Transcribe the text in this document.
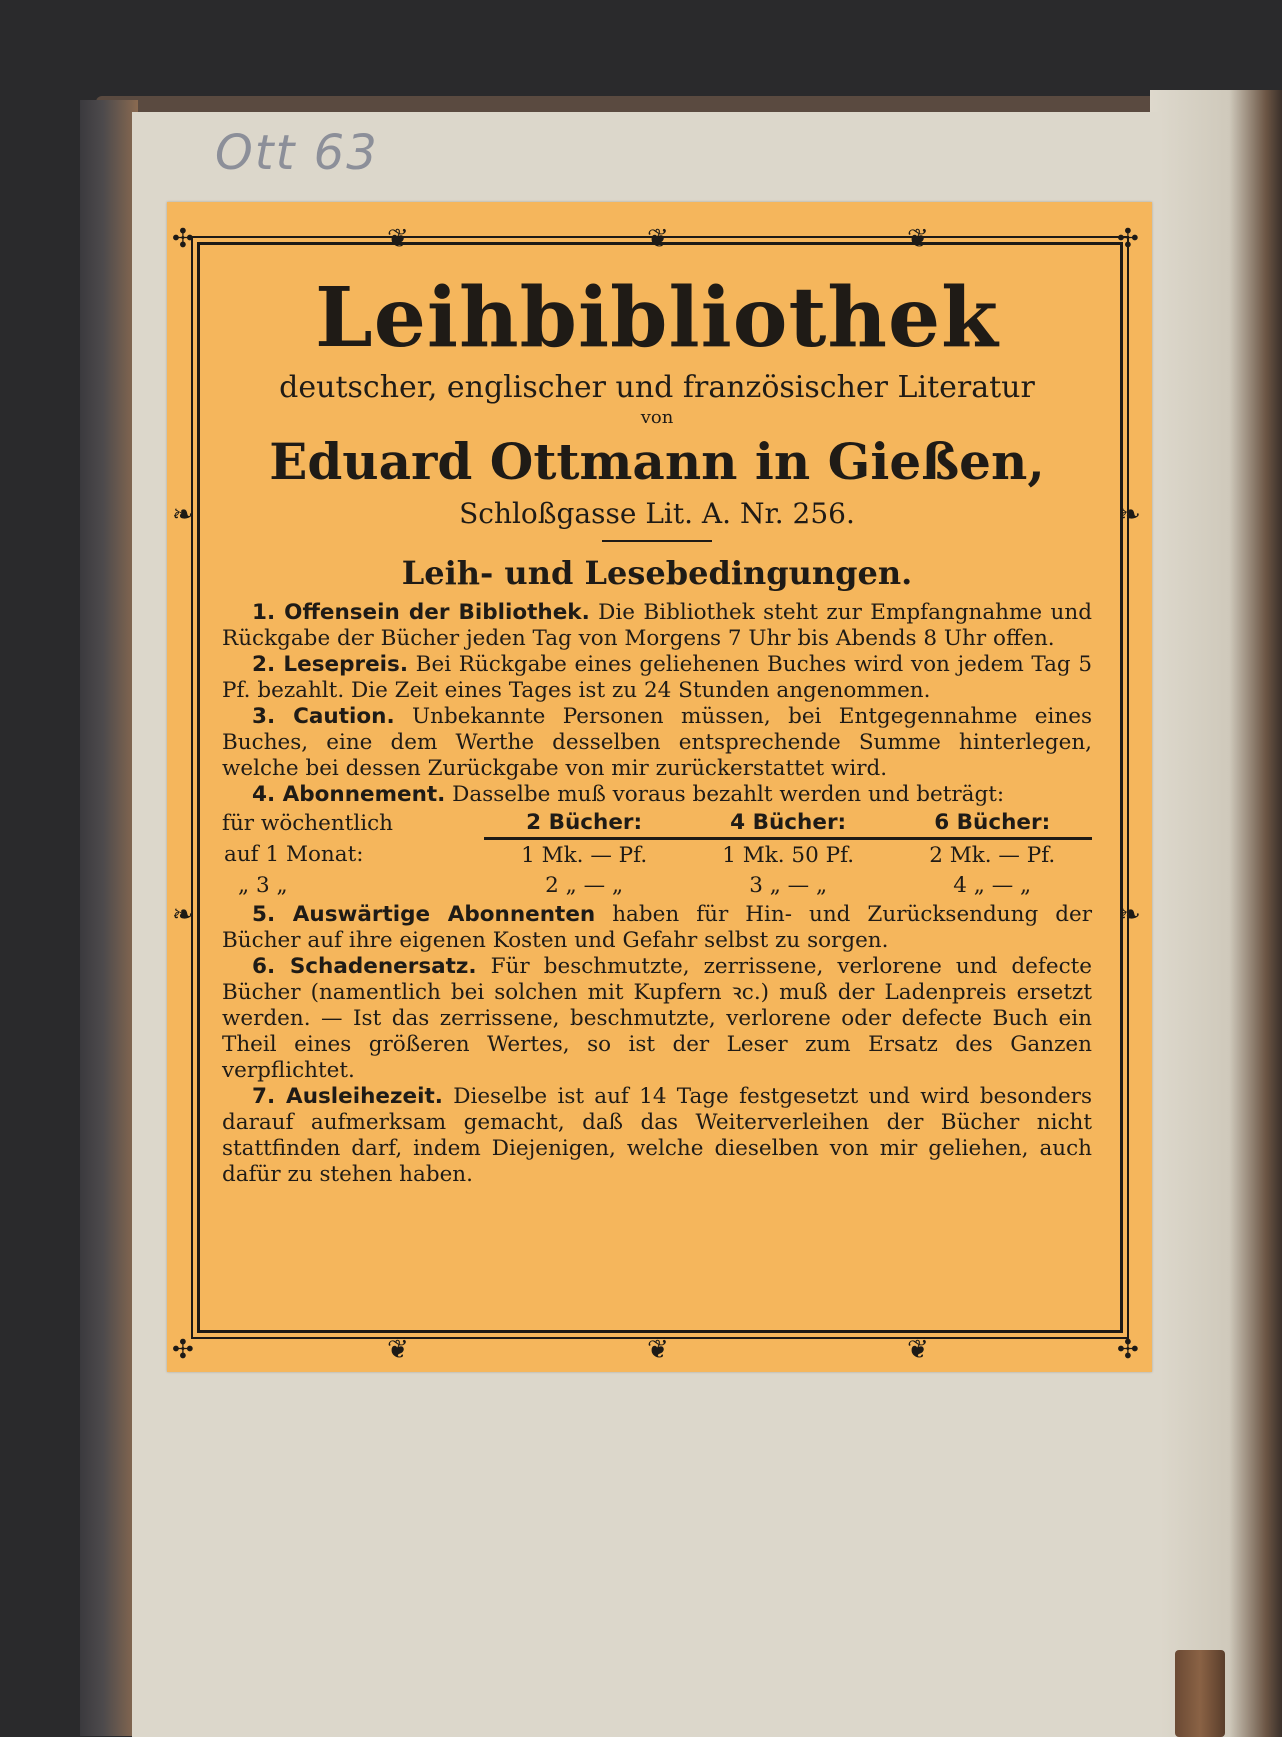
Ott 63
✣	✣
✣	✣
❦	❦	❦
❦	❦	❦
❧
❧
❧
❧
Leihbibliothek
deutscher, englischer und französischer Literatur
von
Eduard Ottmann in Gießen,
Schloßgasse Lit. A. Nr. 256.
Leih- und Lesebedingungen.

1. Offensein der Bibliothek. Die Bibliothek steht zur Empfangnahme und Rückgabe der Bücher jeden Tag von Morgens 7 Uhr bis Abends 8 Uhr offen.

2. Lesepreis. Bei Rückgabe eines geliehenen Buches wird von jedem Tag 5 Pf. bezahlt. Die Zeit eines Tages ist zu 24 Stunden angenommen.

3. Caution. Unbekannte Personen müssen, bei Entgegennahme eines Buches, eine dem Werthe desselben entsprechende Summe hinterlegen, welche bei dessen Zurückgabe von mir zurückerstattet wird.

4. Abonnement. Dasselbe muß voraus bezahlt werden und beträgt:

für wöchentlich	2 Bücher:	4 Bücher:	6 Bücher:
auf 1 Monat:	1 Mk. — Pf.	1 Mk. 50 Pf.	2 Mk. — Pf.
„ 3 „	2 „ — „	3 „ — „	4 „ — „

5. Auswärtige Abonnenten haben für Hin- und Zurücksendung der Bücher auf ihre eigenen Kosten und Gefahr selbst zu sorgen.

6. Schadenersatz. Für beschmutzte, zerrissene, verlorene und defecte Bücher (namentlich bei solchen mit Kupfern ꝛc.) muß der Ladenpreis ersetzt werden. — Ist das zerrissene, beschmutzte, verlorene oder defecte Buch ein Theil eines größeren Wertes, so ist der Leser zum Ersatz des Ganzen verpflichtet.

7. Ausleihezeit. Dieselbe ist auf 14 Tage festgesetzt und wird besonders darauf aufmerksam gemacht, daß das Weiterverleihen der Bücher nicht stattfinden darf, indem Diejenigen, welche dieselben von mir geliehen, auch dafür zu stehen haben.
